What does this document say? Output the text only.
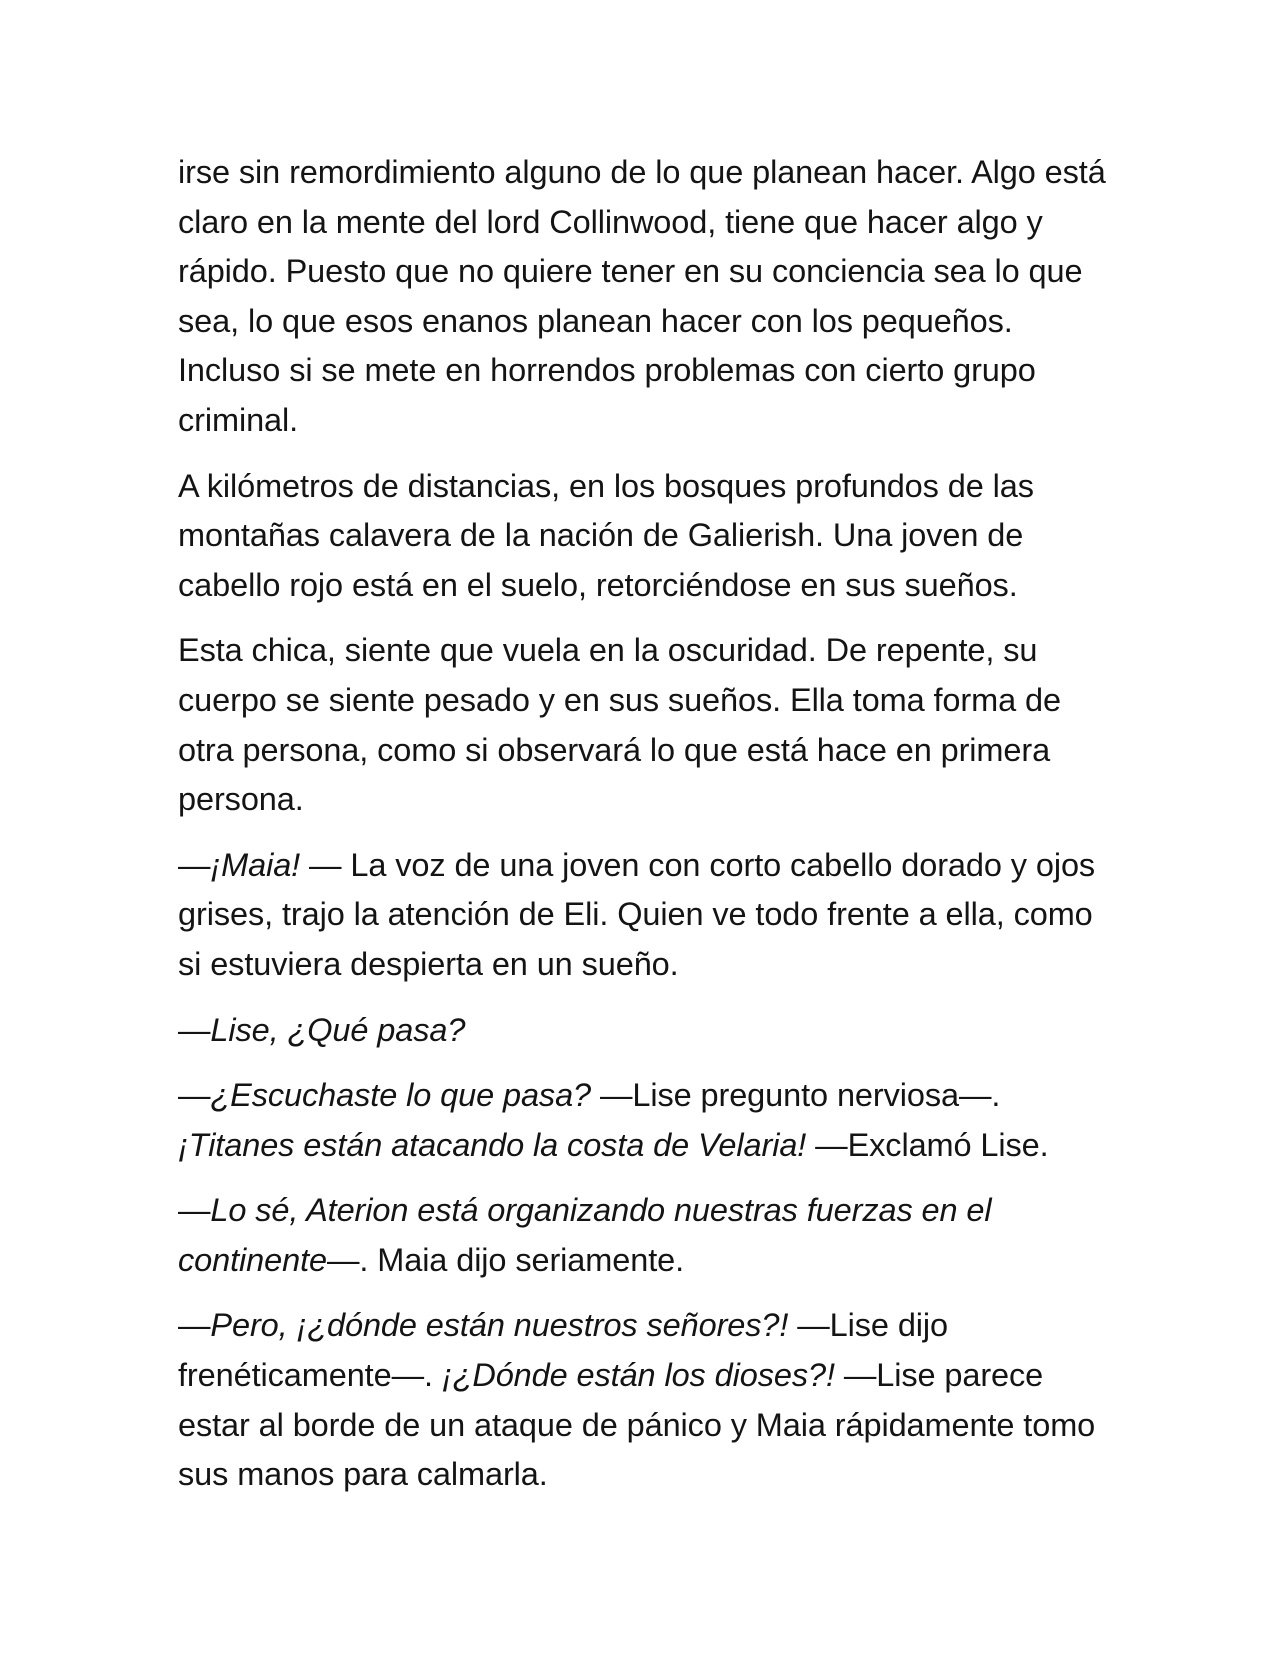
irse sin remordimiento alguno de lo que planean hacer. Algo está claro en la mente del lord Collinwood, tiene que hacer algo y rápido. Puesto que no quiere tener en su conciencia sea lo que sea, lo que esos enanos planean hacer con los pequeños. Incluso si se mete en horrendos problemas con cierto grupo criminal.

A kilómetros de distancias, en los bosques profundos de las montañas calavera de la nación de Galierish. Una joven de cabello rojo está en el suelo, retorciéndose en sus sueños.

Esta chica, siente que vuela en la oscuridad. De repente, su cuerpo se siente pesado y en sus sueños. Ella toma forma de otra persona, como si observará lo que está hace en primera persona.

—¡Maia! — La voz de una joven con corto cabello dorado y ojos grises, trajo la atención de Eli. Quien ve todo frente a ella, como si estuviera despierta en un sueño.

—Lise, ¿Qué pasa?

—¿Escuchaste lo que pasa? —Lise pregunto nerviosa—. ¡Titanes están atacando la costa de Velaria! —Exclamó Lise.

—Lo sé, Aterion está organizando nuestras fuerzas en el continente—. Maia dijo seriamente.

—Pero, ¡¿dónde están nuestros señores?! —Lise dijo frenéticamente—. ¡¿Dónde están los dioses?! —Lise parece estar al borde de un ataque de pánico y Maia rápidamente tomo sus manos para calmarla.
